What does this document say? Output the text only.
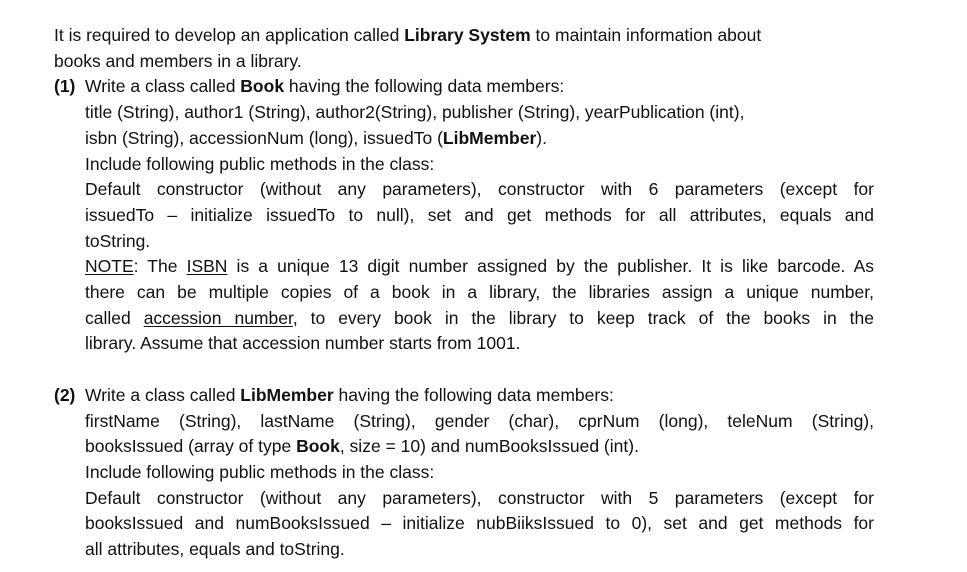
It is required to develop an application called Library System to maintain information about
books and members in a library.
(1) Write a class called Book having the following data members:
title (String), author1 (String), author2(String), publisher (String), yearPublication (int),
isbn (String), accessionNum (long), issuedTo (LibMember).
Include following public methods in the class:
Default constructor (without any parameters), constructor with 6 parameters (except for
issuedTo – initialize issuedTo to null), set and get methods for all attributes, equals and
toString.
NOTE: The ISBN is a unique 13 digit number assigned by the publisher. It is like barcode. As
there can be multiple copies of a book in a library, the libraries assign a unique number,
called accession number, to every book in the library to keep track of the books in the
library. Assume that accession number starts from 1001.
(2) Write a class called LibMember having the following data members:
firstName (String), lastName (String), gender (char), cprNum (long), teleNum (String),
booksIssued (array of type Book, size = 10) and numBooksIssued (int).
Include following public methods in the class:
Default constructor (without any parameters), constructor with 5 parameters (except for
booksIssued and numBooksIssued – initialize nubBiiksIssued to 0), set and get methods for
all attributes, equals and toString.
